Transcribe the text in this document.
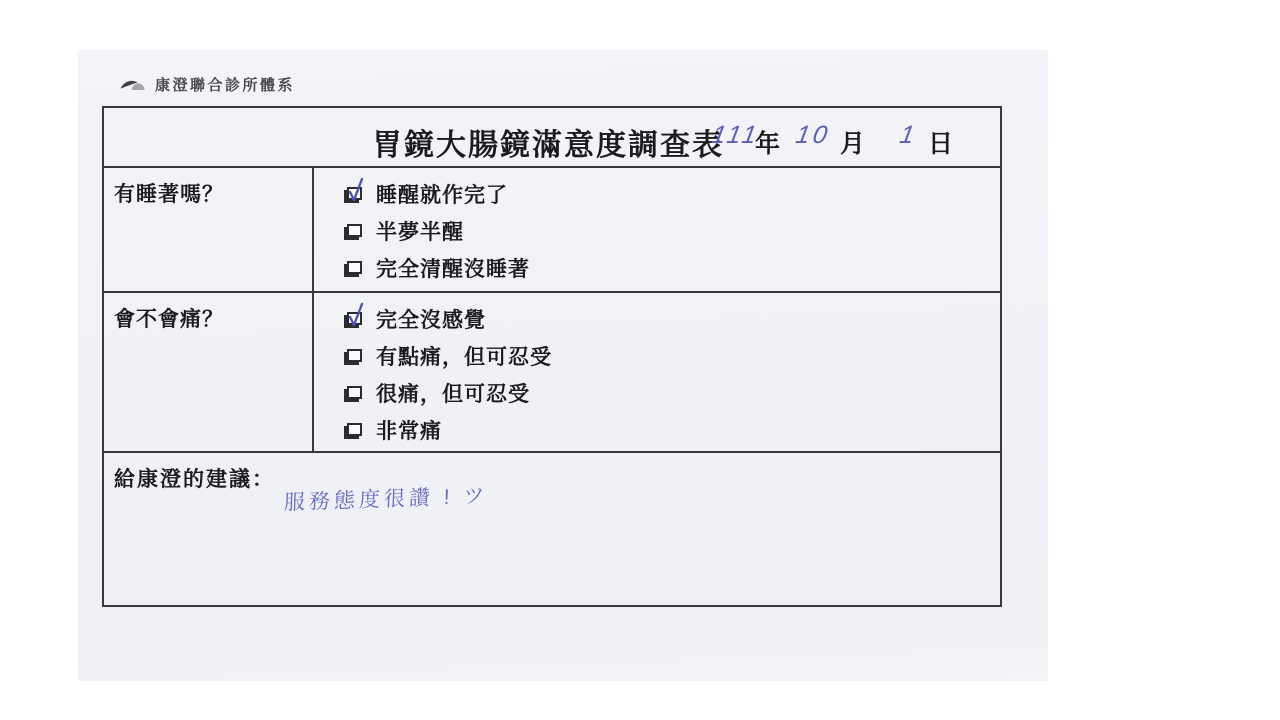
康澄聯合診所體系
胃鏡大腸鏡滿意度調查表
111
年 10 月 1 日
有睡著嗎？	睡醒就作完了
半夢半醒
完全清醒沒睡著
會不會痛？	完全沒感覺
有點痛，但可忍受
很痛，但可忍受
非常痛
給康澄的建議：
服務態度很讚 ! ツ
